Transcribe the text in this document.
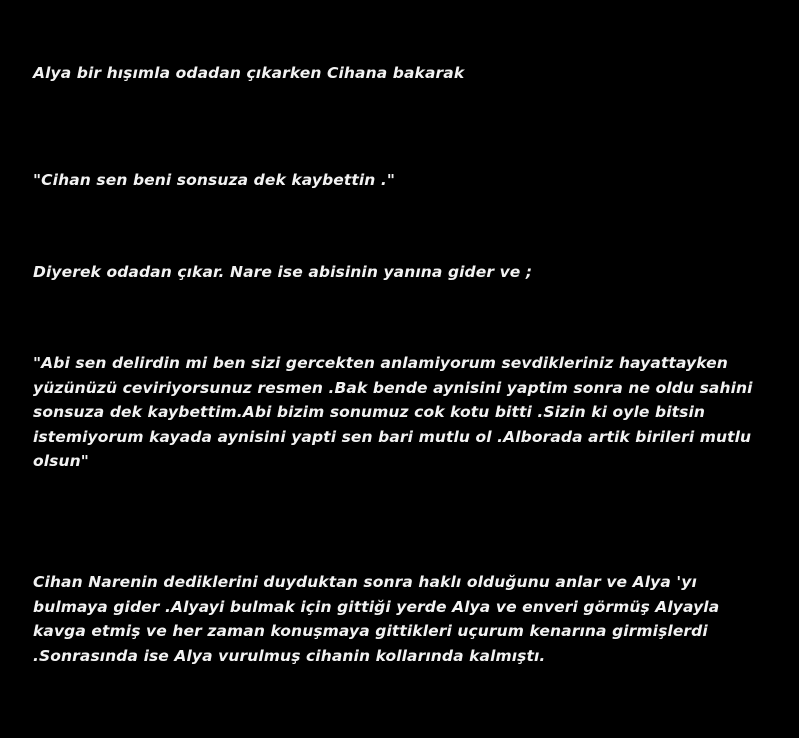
Alya bir hışımla odadan çıkarken Cihana bakarak

"Cihan sen beni sonsuza dek kaybettin ."

Diyerek odadan çıkar. Nare ise abisinin yanına gider ve ;

"Abi sen delirdin mi ben sizi gercekten anlamiyorum sevdikleriniz hayattayken yüzünüzü ceviriyorsunuz resmen .Bak bende aynisini yaptim sonra ne oldu sahini sonsuza dek kaybettim.Abi bizim sonumuz cok kotu bitti .Sizin ki oyle bitsin istemiyorum kayada aynisini yapti sen bari mutlu ol .Alborada artik birileri mutlu olsun"

Cihan Narenin dediklerini duyduktan sonra haklı olduğunu anlar ve Alya 'yı bulmaya gider .Alyayi bulmak için gittiği yerde Alya ve enveri görmüş Alyayla kavga etmiş ve her zaman konuşmaya gittikleri uçurum kenarına girmişlerdi .Sonrasında ise Alya vurulmuş cihanin kollarında kalmıştı.
